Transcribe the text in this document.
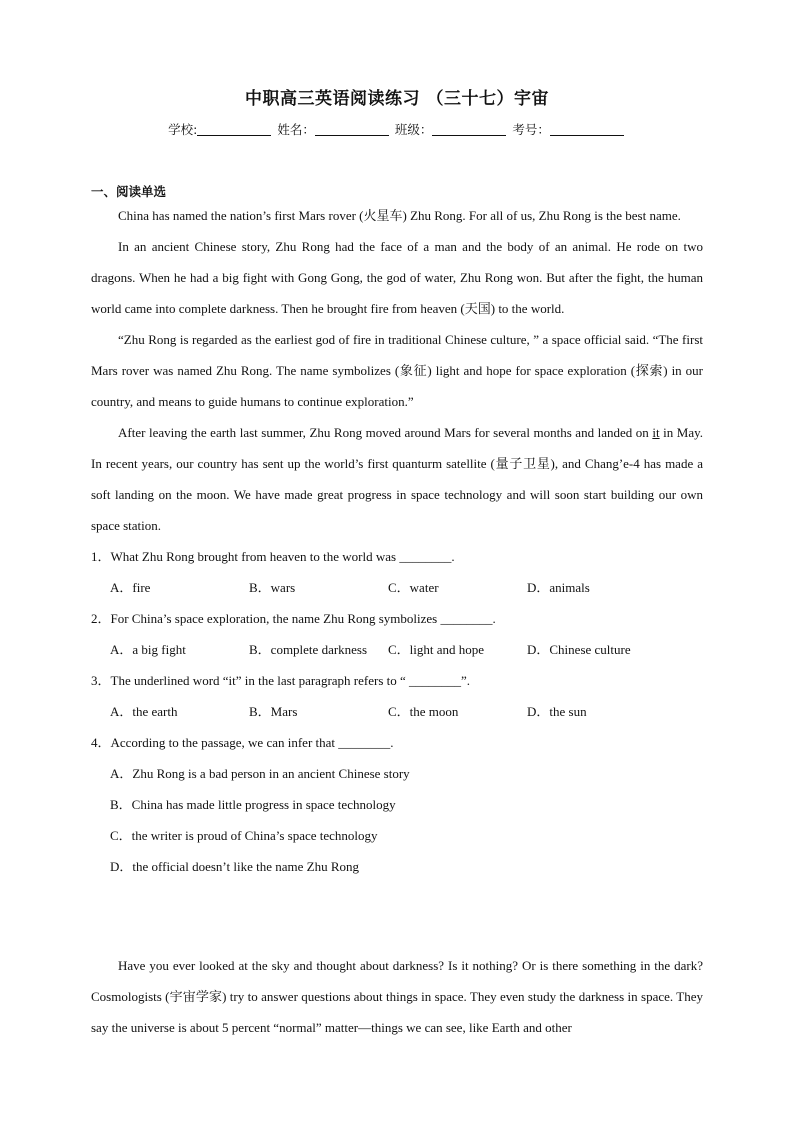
中职高三英语阅读练习 （三十七）宇宙
学校:	姓名：	班级：	考号：
一、阅读单选

China has named the nation’s first Mars rover (火星车) Zhu Rong. For all of us, Zhu Rong is the best name.

In an ancient Chinese story, Zhu Rong had the face of a man and the body of an animal. He rode on two dragons. When he had a big fight with Gong Gong, the god of water, Zhu Rong won. But after the fight, the human world came into complete darkness. Then he brought fire from heaven (天国) to the world.

“Zhu Rong is regarded as the earliest god of fire in traditional Chinese culture, ” a space official said. “The first Mars rover was named Zhu Rong. The name symbolizes (象征) light and hope for space exploration (探索) in our country, and means to guide humans to continue exploration.”

After leaving the earth last summer, Zhu Rong moved around Mars for several months and landed on it in May. In recent years, our country has sent up the world’s first quanturm satellite (量子卫星), and Chang’e-4 has made a soft landing on the moon. We have made great progress in space technology and will soon start building our own space station.

1．What Zhu Rong brought from heaven to the world was ________.

A．fire	B．wars	C．water	D．animals

2．For China’s space exploration, the name Zhu Rong symbolizes ________.

A．a big fight	B．complete darkness	C．light and hope	D．Chinese culture

3．The underlined word “it” in the last paragraph refers to “ ________”.

A．the earth	B．Mars	C．the moon	D．the sun

4．According to the passage, we can infer that ________.

A．Zhu Rong is a bad person in an ancient Chinese story
B．China has made little progress in space technology
C．the writer is proud of China’s space technology
D．the official doesn’t like the name Zhu Rong

Have you ever looked at the sky and thought about darkness? Is it nothing? Or is there something in the dark? Cosmologists (宇宙学家) try to answer questions about things in space. They even study the darkness in space. They say the universe is about 5 percent “normal” matter—things we can see, like Earth and other
